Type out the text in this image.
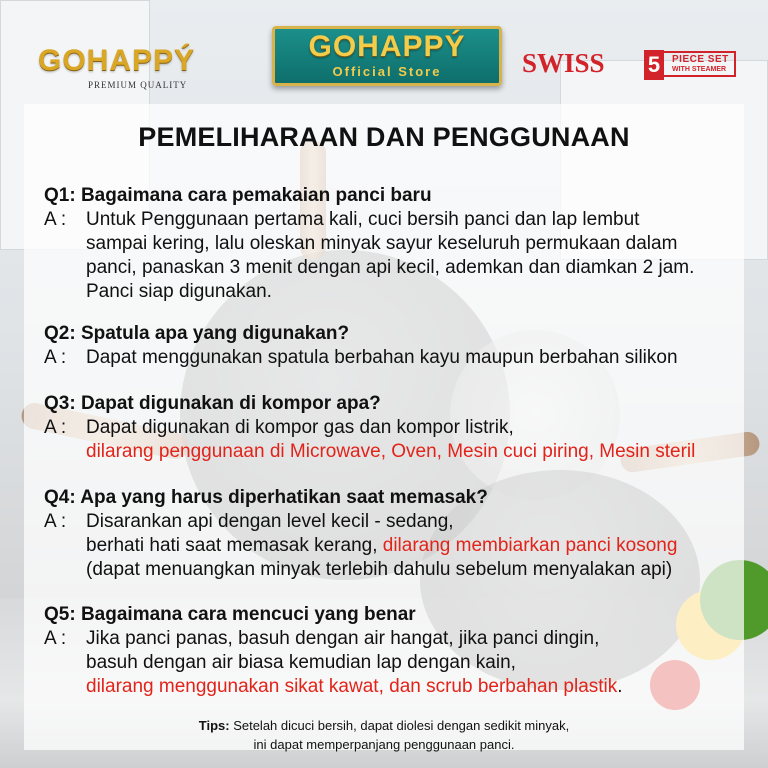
GOHAPPÝ
PREMIUM QUALITY
GOHAPPÝ
Official Store	SWISS 5	PIECE SET
WITH STEAMER
PEMELIHARAAN DAN PENGGUNAAN
Q1: Bagaimana cara pemakaian panci baru
A :	Untuk Penggunaan pertama kali, cuci bersih panci dan lap lembut
sampai kering, lalu oleskan minyak sayur keseluruh permukaan dalam
panci, panaskan 3 menit dengan api kecil, ademkan dan diamkan 2 jam.
Panci siap digunakan.
Q2: Spatula apa yang digunakan?
A :	Dapat menggunakan spatula berbahan kayu maupun berbahan silikon
Q3: Dapat digunakan di kompor apa?
A :	Dapat digunakan di kompor gas dan kompor listrik,
dilarang penggunaan di Microwave, Oven, Mesin cuci piring, Mesin steril
Q4: Apa yang harus diperhatikan saat memasak?
A :	Disarankan api dengan level kecil - sedang,
berhati hati saat memasak kerang, dilarang membiarkan panci kosong
(dapat menuangkan minyak terlebih dahulu sebelum menyalakan api)
Q5: Bagaimana cara mencuci yang benar
A :	Jika panci panas, basuh dengan air hangat, jika panci dingin,
basuh dengan air biasa kemudian lap dengan kain,
dilarang menggunakan sikat kawat, dan scrub berbahan plastik.
Tips: Setelah dicuci bersih, dapat diolesi dengan sedikit minyak,
ini dapat memperpanjang penggunaan panci.
